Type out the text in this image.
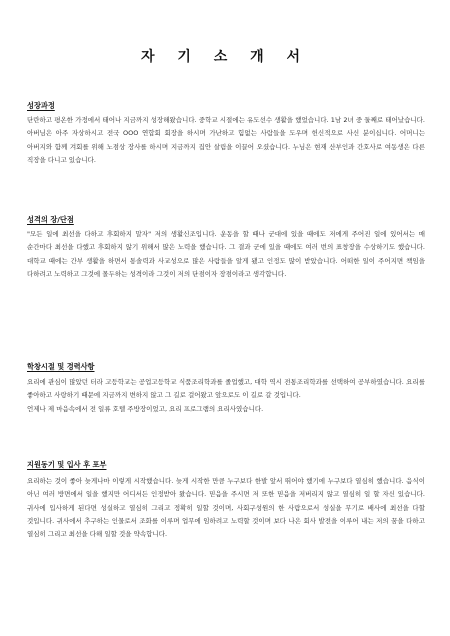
자 기 소 개 서
성장과정

단란하고 평온한 가정에서 태어나 지금까지 성장해왔습니다. 중학교 시절에는 유도선수 생활을 했었습니다. 1남 2녀 중 둘째로 태어났습니다. 아버님은 아주 자상하시고 전국 OOO 연합회 회장을 하시며 가난하고 힘없는 사람들을 도우며 헌신적으로 사신 분이십니다. 어머니는 아버지와 함께 겨회를 위해 노점상 장사를 하시며 지금까지 집안 살림을 이끌어 오셨습니다. 누님은 현재 산부인과 간호사로 여동생은 다른 직장을 다니고 있습니다.

성격의 장/단점

"모든 일에 최선을 다하고 후회하지 말자" 저의 생활신조입니다. 운동을 할 때나 군대에 있을 때에도 저에게 주어진 일에 있어서는 매 순간마다 최선을 다했고 후회하지 않기 위해서 많은 노력을 했습니다. 그 결과 군에 있을 때에도 여러 번의 표창장을 수상하기도 했습니다. 대학교 때에는 간부 생활을 하면서 통솔력과 사교성으로 많은 사람들을 알게 됐고 인정도 많이 받았습니다. 어떠한 일이 주어지면 책임을 다하려고 노력하고 그것에 몰두하는 성격이라 그것이 저의 단점이자 장점이라고 생각합니다.

학창시절 및 경력사항

요리에 관심이 많았던 터라 고등학교는 공업고등학교 식품조리학과를 졸업했고, 대학 역시 전통조리학과를 선택하여 공부하였습니다. 요리를 좋아하고 사랑하기 때문에 지금까지 변하지 않고 그 길로 걸어왔고 앞으로도 이 길로 갈 것입니다.

언제나 제 마음속에서 전 일류 호텔 주방장이었고, 요리 프로그램의 요리사였습니다.

지원동기 및 입사 후 포부

요리하는 것이 좋아 늦게나마 이렇게 시작했습니다. 늦게 시작한 만큼 누구보다 한발 앞서 뛰어야 했기에 누구보다 열심히 했습니다. 음식이 아닌 여러 방면에서 일을 했지만 어디서든 인정받아 왔습니다. 믿음을 주시면 저 또한 믿음을 저버리지 않고 열심히 일 할 자신 있습니다. 귀사에 입사하게 된다면 성실하고 열심히 그리고 정확히 일할 것이며, 사회구성원의 한 사람으로서 성실을 무기로 배사에 최선을 다할 것입니다. 귀사에서 추구하는 인물로서 조화를 이루며 업무에 임하려고 노력할 것이며 보다 나은 회사 발전을 이루어 내는 저의 꿈을 다하고 열심히 그리고 최선을 다해 일할 것을 약속합니다.
